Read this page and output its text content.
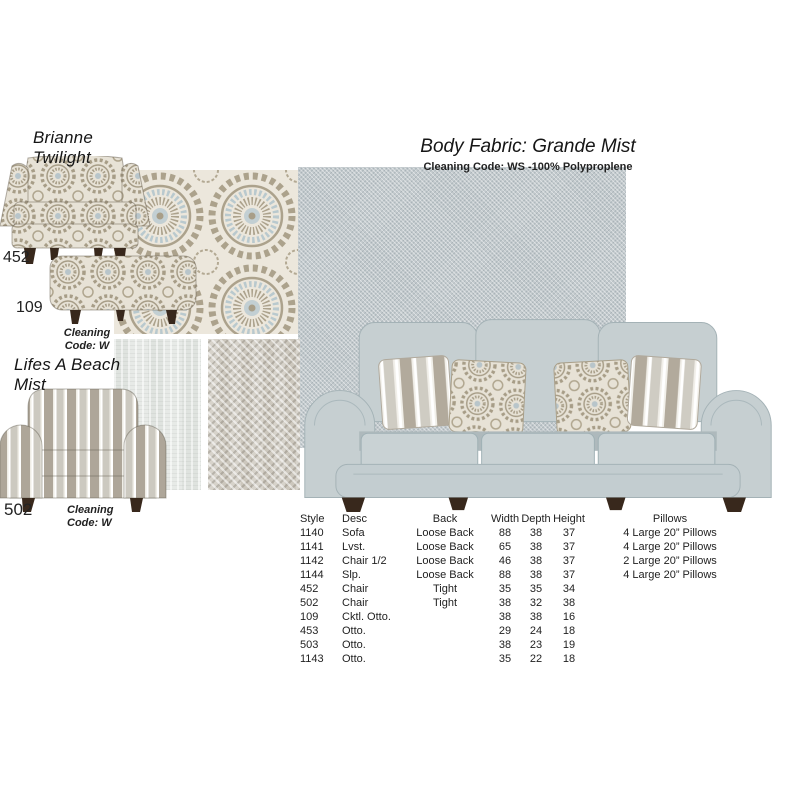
Brianne
Twilight
452
109
Cleaning
Code: W
Lifes A Beach
Mist
502	Cleaning
Code: W
Body Fabric: Grande Mist
Cleaning Code: WS -100% Polyproplene
Style	Desc	Back	Width	Depth	Height		Pillows
1140	Sofa	Loose Back	88	38	37		4 Large 20” Pillows
1141	Lvst.	Loose Back	65	38	37		4 Large 20” Pillows
1142	Chair 1/2	Loose Back	46	38	37		2 Large 20” Pillows
1144	Slp.	Loose Back	88	38	37		4 Large 20” Pillows
452	Chair	Tight	35	35	34		
502	Chair	Tight	38	32	38		
109	Cktl. Otto.		38	38	16		
453	Otto.		29	24	18		
503	Otto.		38	23	19		
1143	Otto.		35	22	18		
